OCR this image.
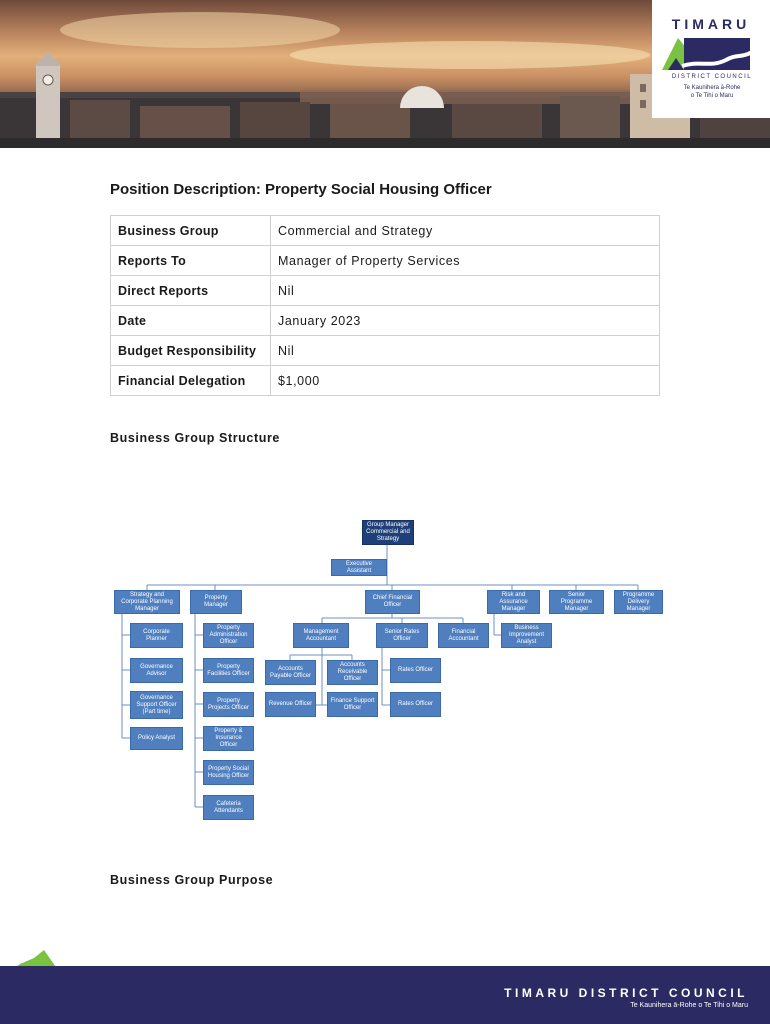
TIMARU
DISTRICT COUNCIL
Te Kaunihera ā-Rohe
o Te Tihi o Maru
Position Description: Property Social Housing Officer
Business Group	Commercial and Strategy
Reports To	Manager of Property Services
Direct Reports	Nil
Date	January 2023
Budget Responsibility	Nil
Financial Delegation	$1,000
Business Group Structure
Group Manager Commercial and Strategy
Executive Assistant
Strategy and Corporate Planning Manager
Property Manager
Chief Financial Officer
Risk and Assurance Manager
Senior Programme Manager
Programme Delivery Manager
Corporate Planner
Governance Advisor
Governance Support Officer (Part time)
Policy Analyst
Property Administration Officer
Property Facilities Officer
Property Projects Officer
Property & Insurance Officer
Property Social Housing Officer
Cafeteria Attendants
Management Accountant
Senior Rates Officer
Financial Accountant
Accounts Payable Officer
Accounts Receivable Officer
Revenue Officer
Finance Support Officer
Rates Officer
Rates Officer
Business Improvement Analyst
Business Group Purpose
TIMARU DISTRICT COUNCIL
Te Kaunihera ā-Rohe o Te Tihi o Maru
